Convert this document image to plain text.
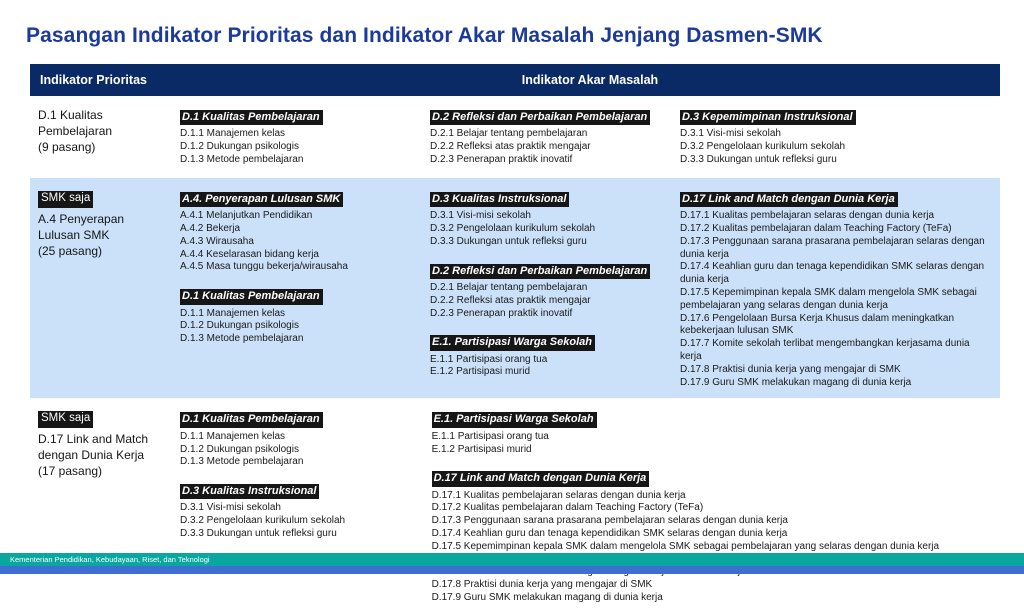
Pasangan Indikator Prioritas dan Indikator Akar Masalah Jenjang Dasmen-SMK
Indikator Prioritas	Indikator Akar Masalah
D.1 Kualitas Pembelajaran
(9 pasang)
D.1 Kualitas Pembelajaran
D.1.1 Manajemen kelas
D.1.2 Dukungan psikologis
D.1.3 Metode pembelajaran
D.2 Refleksi dan Perbaikan Pembelajaran
D.2.1 Belajar tentang pembelajaran
D.2.2 Refleksi atas praktik mengajar
D.2.3 Penerapan praktik inovatif
D.3 Kepemimpinan Instruksional
D.3.1 Visi-misi sekolah
D.3.2 Pengelolaan kurikulum sekolah
D.3.3 Dukungan untuk refleksi guru
SMK saja
A.4 Penyerapan Lulusan SMK
(25 pasang)
A.4. Penyerapan Lulusan SMK
A.4.1 Melanjutkan Pendidikan
A.4.2 Bekerja
A.4.3 Wirausaha
A.4.4 Keselarasan bidang kerja
A.4.5 Masa tunggu bekerja/wirausaha
D.1 Kualitas Pembelajaran
D.1.1 Manajemen kelas
D.1.2 Dukungan psikologis
D.1.3 Metode pembelajaran
D.3 Kualitas Instruksional
D.3.1 Visi-misi sekolah
D.3.2 Pengelolaan kurikulum sekolah
D.3.3 Dukungan untuk refleksi guru
D.2 Refleksi dan Perbaikan Pembelajaran
D.2.1 Belajar tentang pembelajaran
D.2.2 Refleksi atas praktik mengajar
D.2.3 Penerapan praktik inovatif
E.1. Partisipasi Warga Sekolah
E.1.1 Partisipasi orang tua
E.1.2 Partisipasi murid
D.17 Link and Match dengan Dunia Kerja
D.17.1 Kualitas pembelajaran selaras dengan dunia kerja
D.17.2 Kualitas pembelajaran dalam Teaching Factory (TeFa)
D.17.3 Penggunaan sarana prasarana pembelajaran selaras dengan dunia kerja
D.17.4 Keahlian guru dan tenaga kependidikan SMK selaras dengan dunia kerja
D.17.5 Kepemimpinan kepala SMK dalam mengelola SMK sebagai pembelajaran yang selaras dengan dunia kerja
D.17.6 Pengelolaan Bursa Kerja Khusus dalam meningkatkan kebekerjaan lulusan SMK
D.17.7 Komite sekolah terlibat mengembangkan kerjasama dunia kerja
D.17.8 Praktisi dunia kerja yang mengajar di SMK
D.17.9 Guru SMK melakukan magang di dunia kerja
SMK saja
D.17 Link and Match dengan Dunia Kerja
(17 pasang)
D.1 Kualitas Pembelajaran
D.1.1 Manajemen kelas
D.1.2 Dukungan psikologis
D.1.3 Metode pembelajaran
D.3 Kualitas Instruksional
D.3.1 Visi-misi sekolah
D.3.2 Pengelolaan kurikulum sekolah
D.3.3 Dukungan untuk refleksi guru
E.1. Partisipasi Warga Sekolah
E.1.1 Partisipasi orang tua
E.1.2 Partisipasi murid
D.17 Link and Match dengan Dunia Kerja
D.17.1 Kualitas pembelajaran selaras dengan dunia kerja
D.17.2 Kualitas pembelajaran dalam Teaching Factory (TeFa)
D.17.3 Penggunaan sarana prasarana pembelajaran selaras dengan dunia kerja
D.17.4 Keahlian guru dan tenaga kependidikan SMK selaras dengan dunia kerja
D.17.5 Kepemimpinan kepala SMK dalam mengelola SMK sebagai pembelajaran yang selaras dengan dunia kerja
D.17.8 Praktisi dunia kerja yang mengajar di SMK
D.17.9 Guru SMK melakukan magang di dunia kerja
Kementerian Pendidikan, Kebudayaan, Riset, dan Teknologi
